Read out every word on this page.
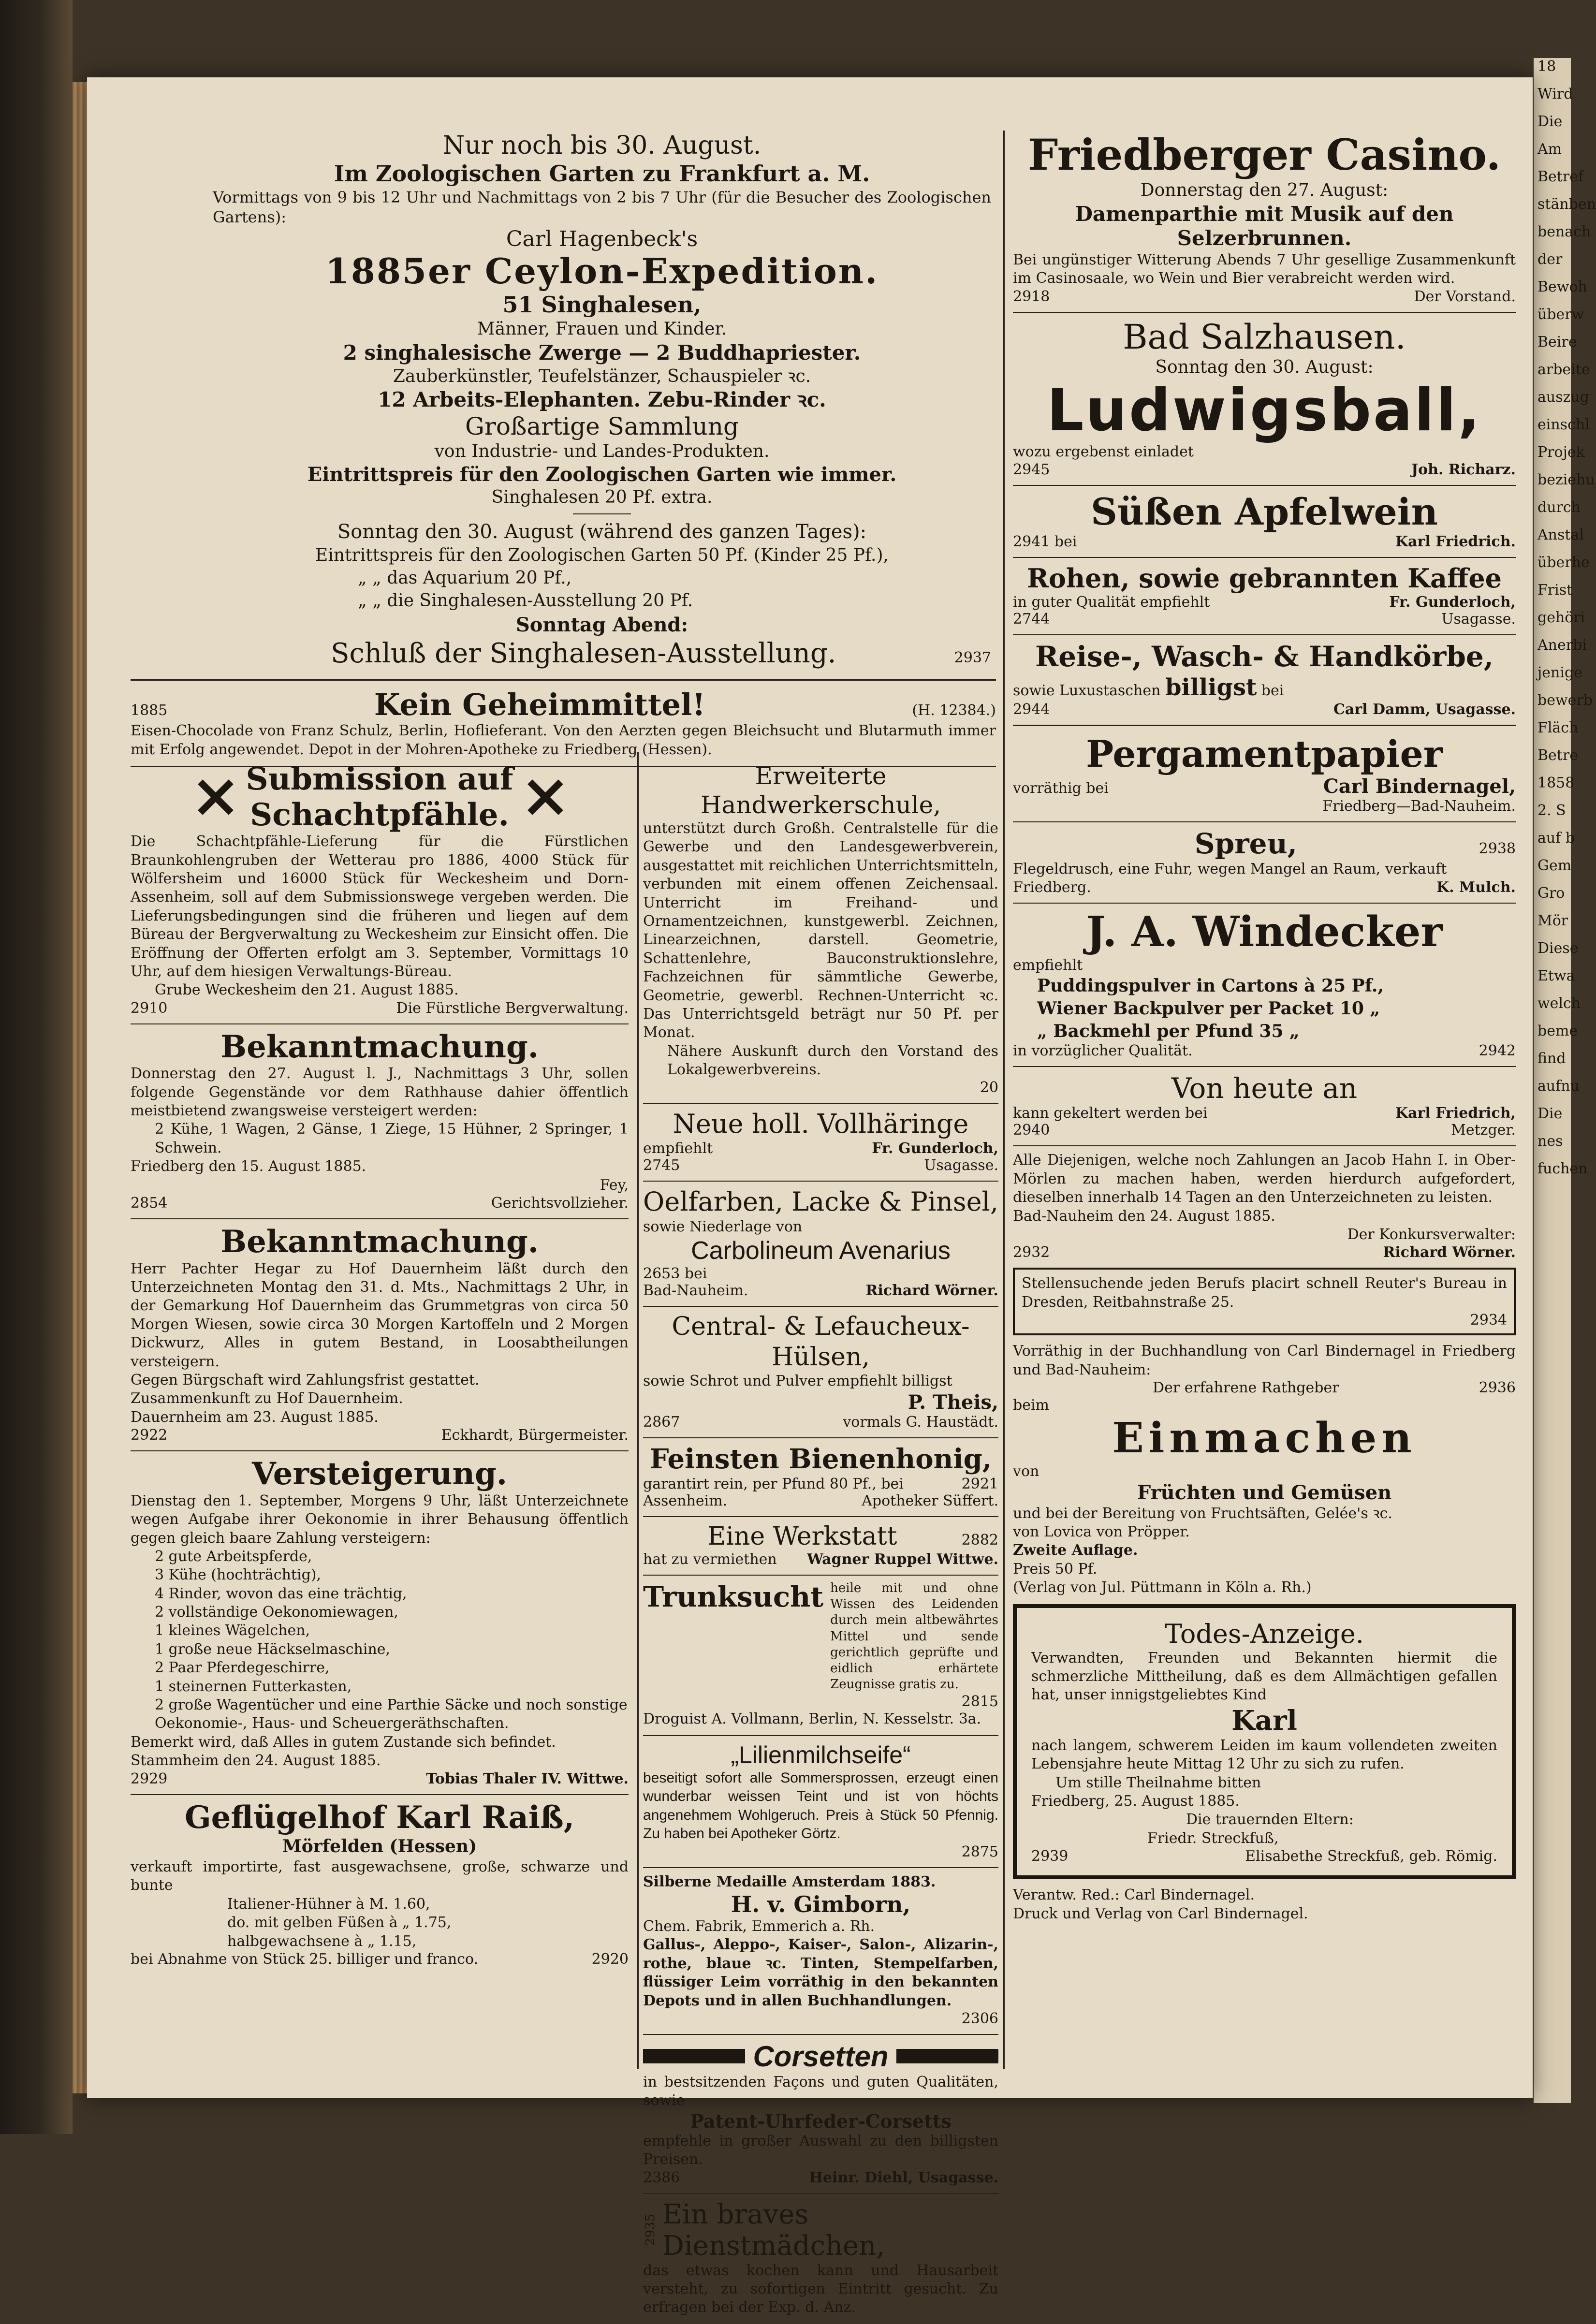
18
Wird
Die
Am
Betref
stänben
benach
der
Bewoh
überw
Beire
arbeite
auszug
einschl
Projek
beziehu
durch
Anstal
überhe
Frist
gehöri
Anerbi
jenige
bewerb
Fläch
Betre
1858
2. S
auf b
Gem
Gro
Mör
Diese
Etwa
welch
beme
find
aufnu
Die
nes
fuchen
Nur noch bis 30. August.
Im Zoologischen Garten zu Frankfurt a. M.
Vormittags von 9 bis 12 Uhr und Nachmittags von 2 bis 7 Uhr (für die Besucher des Zoologischen Gartens):
Carl Hagenbeck's
1885er Ceylon-Expedition.
51 Singhalesen,
Männer, Frauen und Kinder.
2 singhalesische Zwerge — 2 Buddhapriester.
Zauberkünstler, Teufelstänzer, Schauspieler ꝛc.
12 Arbeits-Elephanten. Zebu-Rinder ꝛc.
Großartige Sammlung
von Industrie- und Landes-Produkten.
Eintrittspreis für den Zoologischen Garten wie immer.
Singhalesen 20 Pf. extra.
Sonntag den 30. August (während des ganzen Tages):
Eintrittspreis für den Zoologischen Garten 50 Pf. (Kinder 25 Pf.),
„ „ das Aquarium 20 Pf.,
„ „ die Singhalesen-Ausstellung 20 Pf.
Sonntag Abend:
Schluß der Singhalesen-Ausstellung.	2937
1885	Kein Geheimmittel!	(H. 12384.)
Eisen-Chocolade von Franz Schulz, Berlin, Hoflieferant. Von den Aerzten gegen Bleichsucht und Blutarmuth immer mit Erfolg angewendet. Depot in der Mohren-Apotheke zu Friedberg (Hessen).
Submission auf
Schachtpfähle.
Die Schachtpfähle-Lieferung für die Fürstlichen Braunkohlengruben der Wetterau pro 1886, 4000 Stück für Wölfersheim und 16000 Stück für Weckesheim und Dorn-Assenheim, soll auf dem Submissionswege vergeben werden. Die Lieferungsbedingungen sind die früheren und liegen auf dem Büreau der Bergverwaltung zu Weckesheim zur Einsicht offen. Die Eröffnung der Offerten erfolgt am 3. September, Vormittags 10 Uhr, auf dem hiesigen Verwaltungs-Büreau.
Grube Weckesheim den 21. August 1885.
2910	Die Fürstliche Bergverwaltung.
Bekanntmachung.
Donnerstag den 27. August l. J., Nachmittags 3 Uhr, sollen folgende Gegenstände vor dem Rathhause dahier öffentlich meistbietend zwangsweise versteigert werden:
2 Kühe, 1 Wagen, 2 Gänse, 1 Ziege, 15 Hühner, 2 Springer, 1 Schwein.
Friedberg den 15. August 1885.
Fey,
2854	Gerichtsvollzieher.
Bekanntmachung.
Herr Pachter Hegar zu Hof Dauernheim läßt durch den Unterzeichneten Montag den 31. d. Mts., Nachmittags 2 Uhr, in der Gemarkung Hof Dauernheim das Grummetgras von circa 50 Morgen Wiesen, sowie circa 30 Morgen Kartoffeln und 2 Morgen Dickwurz, Alles in gutem Bestand, in Loosabtheilungen versteigern.
Gegen Bürgschaft wird Zahlungsfrist gestattet.
Zusammenkunft zu Hof Dauernheim.
Dauernheim am 23. August 1885.
2922	Eckhardt, Bürgermeister.
Versteigerung.
Dienstag den 1. September, Morgens 9 Uhr, läßt Unterzeichnete wegen Aufgabe ihrer Oekonomie in ihrer Behausung öffentlich gegen gleich baare Zahlung versteigern:
2 gute Arbeitspferde,
3 Kühe (hochträchtig),
4 Rinder, wovon das eine trächtig,
2 vollständige Oekonomiewagen,
1 kleines Wägelchen,
1 große neue Häckselmaschine,
2 Paar Pferdegeschirre,
1 steinernen Futterkasten,
2 große Wagentücher und eine Parthie Säcke und noch sonstige Oekonomie-, Haus- und Scheuergeräthschaften.
Bemerkt wird, daß Alles in gutem Zustande sich befindet.
Stammheim den 24. August 1885.
2929	Tobias Thaler IV. Wittwe.
Geflügelhof Karl Raiß,
Mörfelden (Hessen)
verkauft importirte, fast ausgewachsene, große, schwarze und bunte
Italiener-Hühner à M. 1.60,
do. mit gelben Füßen à „ 1.75,
halbgewachsene à „ 1.15,
bei Abnahme von Stück 25. billiger und franco.	2920
Erweiterte Handwerkerschule,
unterstützt durch Großh. Centralstelle für die Gewerbe und den Landesgewerbverein, ausgestattet mit reichlichen Unterrichtsmitteln, verbunden mit einem offenen Zeichensaal. Unterricht im Freihand- und Ornamentzeichnen, kunstgewerbl. Zeichnen, Linearzeichnen, darstell. Geometrie, Schattenlehre, Bauconstruktionslehre, Fachzeichnen für sämmtliche Gewerbe, Geometrie, gewerbl. Rechnen-Unterricht ꝛc. Das Unterrichtsgeld beträgt nur 50 Pf. per Monat.
Nähere Auskunft durch den Vorstand des Lokalgewerbvereins.
20
Neue holl. Vollhäringe
empfiehlt	Fr. Gunderloch,
2745	Usagasse.
Oelfarben, Lacke & Pinsel,
sowie Niederlage von
Carbolineum Avenarius
2653 bei
Bad-Nauheim.	Richard Wörner.
Central- & Lefaucheux-Hülsen,
sowie Schrot und Pulver empfiehlt billigst
P. Theis,
2867	vormals G. Haustädt.
Feinsten Bienenhonig,
garantirt rein, per Pfund 80 Pf., bei	2921
Assenheim.	Apotheker Süffert.
Eine Werkstatt	2882
hat zu vermiethen Wagner Ruppel Wittwe.
Trunksucht heile mit und ohne Wissen des Leidenden durch mein altbewährtes Mittel und sende gerichtlich geprüfte und eidlich erhärtete Zeugnisse gratis zu.
2815
Droguist A. Vollmann, Berlin, N. Kesselstr. 3a.
„Lilienmilchseife“
beseitigt sofort alle Sommersprossen, erzeugt einen wunderbar weissen Teint und ist von höchts angenehmem Wohlgeruch. Preis à Stück 50 Pfennig. Zu haben bei Apotheker Görtz.
2875
Silberne Medaille Amsterdam 1883.
H. v. Gimborn,
Chem. Fabrik, Emmerich a. Rh.
Gallus-, Aleppo-, Kaiser-, Salon-, Alizarin-, rothe, blaue ꝛc. Tinten, Stempelfarben, flüssiger Leim vorräthig in den bekannten Depots und in allen Buchhandlungen.
2306
Corsetten
in bestsitzenden Façons und guten Qualitäten, sowie
Patent-Uhrfeder-Corsetts
empfehle in großer Auswahl zu den billigsten Preisen.
2386	Heinr. Diehl, Usagasse.
2935 Ein braves Dienstmädchen,
das etwas kochen kann und Hausarbeit versteht, zu sofortigen Eintritt gesucht. Zu erfragen bei der Exp. d. Anz.
Friedberger Casino.
Donnerstag den 27. August:
Damenparthie mit Musik auf den Selzerbrunnen.
Bei ungünstiger Witterung Abends 7 Uhr gesellige Zusammenkunft im Casinosaale, wo Wein und Bier verabreicht werden wird.
2918	Der Vorstand.
Bad Salzhausen.
Sonntag den 30. August:
Ludwigsball,
wozu ergebenst einladet
2945	Joh. Richarz.
Süßen Apfelwein
2941 bei	Karl Friedrich.
Rohen, sowie gebrannten Kaffee
in guter Qualität empfiehlt	Fr. Gunderloch,
2744	Usagasse.
Reise-, Wasch- & Handkörbe,
sowie Luxustaschen billigst bei
2944	Carl Damm, Usagasse.
Pergamentpapier
vorräthig bei	Carl Bindernagel,
Friedberg—Bad-Nauheim.
Spreu,	2938
Flegeldrusch, eine Fuhr, wegen Mangel an Raum, verkauft
Friedberg.	K. Mulch.
J. A. Windecker
empfiehlt
Puddingspulver in Cartons à 25 Pf.,
Wiener Backpulver per Packet 10 „
„ Backmehl per Pfund 35 „
in vorzüglicher Qualität.	2942
Von heute an
kann gekeltert werden bei	Karl Friedrich,
2940	Metzger.
Alle Diejenigen, welche noch Zahlungen an Jacob Hahn I. in Ober-Mörlen zu machen haben, werden hierdurch aufgefordert, dieselben innerhalb 14 Tagen an den Unterzeichneten zu leisten.
Bad-Nauheim den 24. August 1885.
Der Konkursverwalter:
2932	Richard Wörner.
Stellensuchende jeden Berufs placirt schnell Reuter's Bureau in Dresden, Reitbahnstraße 25.
2934
Vorräthig in der Buchhandlung von Carl Bindernagel in Friedberg und Bad-Nauheim:
Der erfahrene Rathgeber	2936
beim
Einmachen
von
Früchten und Gemüsen
und bei der Bereitung von Fruchtsäften, Gelée's ꝛc.
von Lovica von Pröpper.
Zweite Auflage.
Preis 50 Pf.
(Verlag von Jul. Püttmann in Köln a. Rh.)
Todes-Anzeige.
Verwandten, Freunden und Bekannten hiermit die schmerzliche Mittheilung, daß es dem Allmächtigen gefallen hat, unser innigstgeliebtes Kind
Karl
nach langem, schwerem Leiden im kaum vollendeten zweiten Lebensjahre heute Mittag 12 Uhr zu sich zu rufen.
Um stille Theilnahme bitten
Friedberg, 25. August 1885.
Die trauernden Eltern:
Friedr. Streckfuß,
2939	Elisabethe Streckfuß, geb. Römig.
Verantw. Red.: Carl Bindernagel.
Druck und Verlag von Carl Bindernagel.
